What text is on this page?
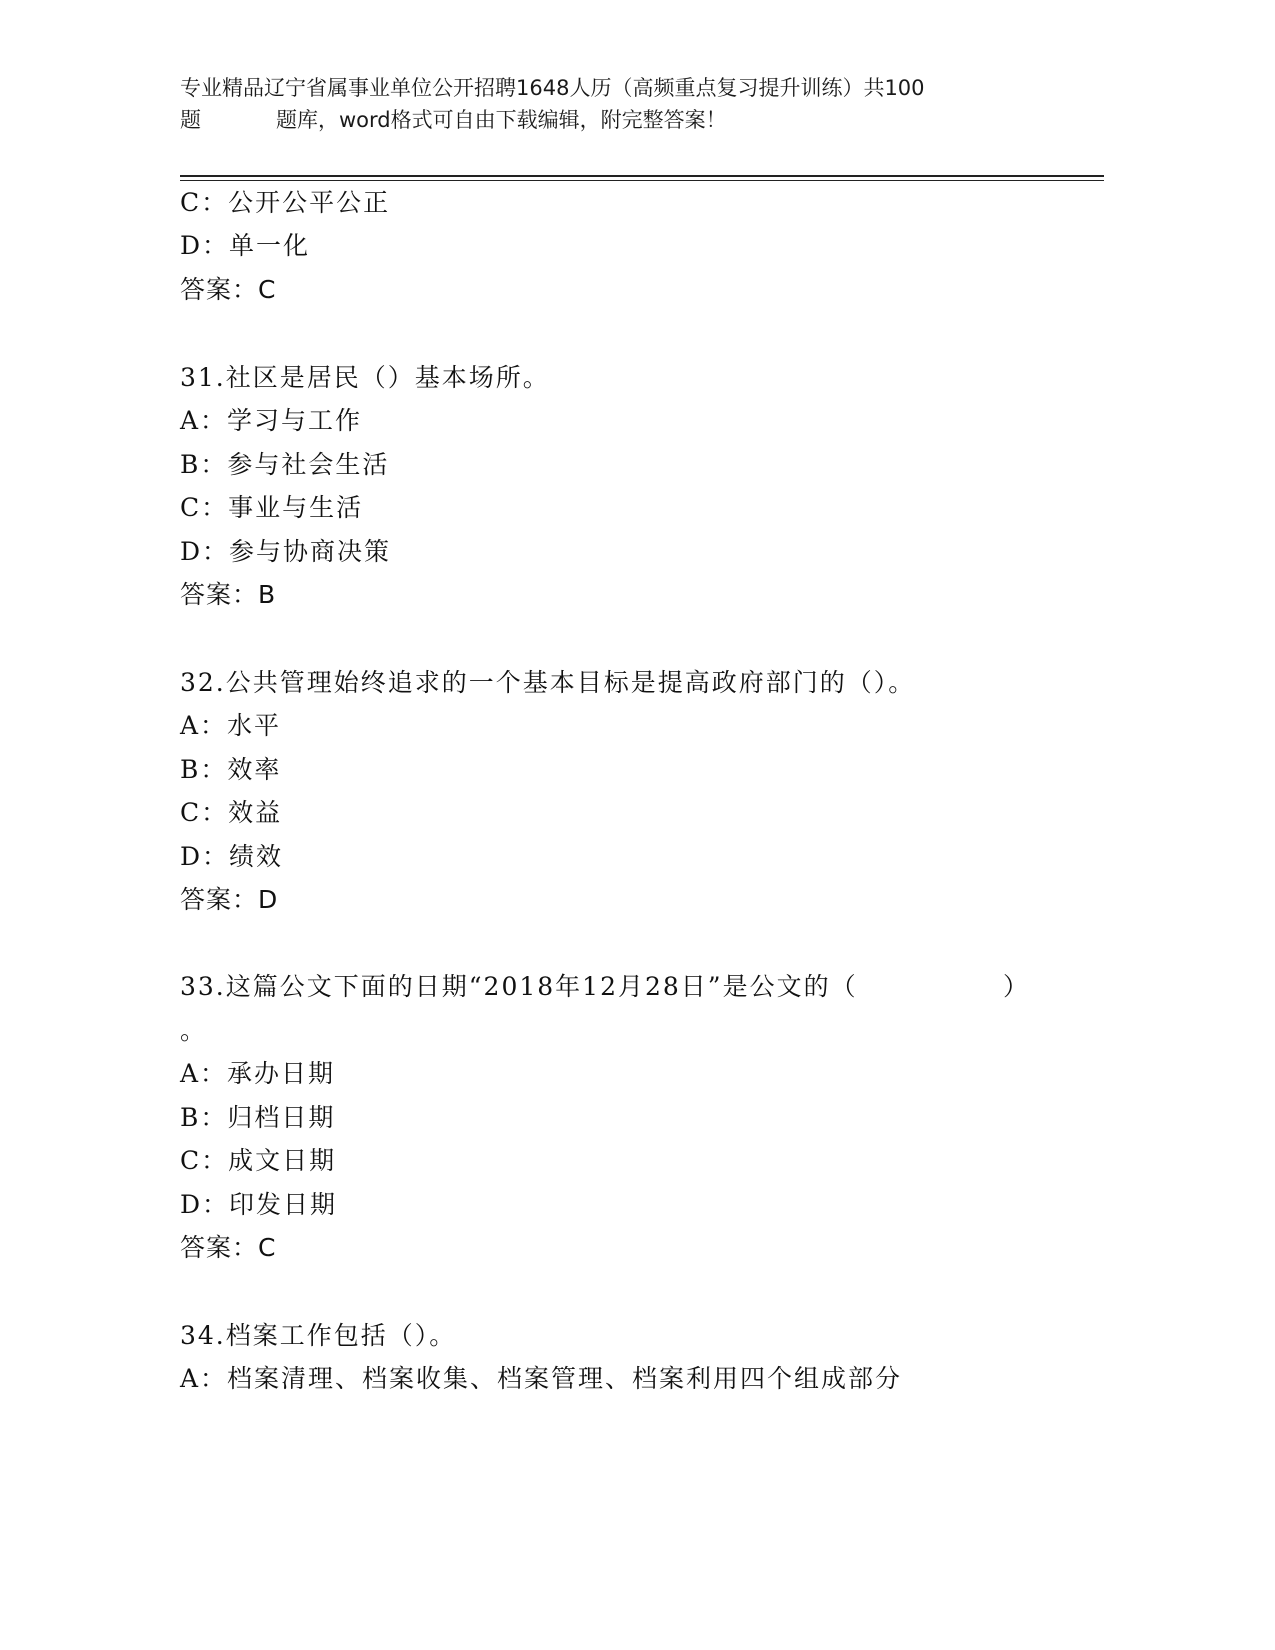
专业精品辽宁省属事业单位公开招聘1648人历（高频重点复习提升训练）共100
题	题库，word格式可自由下载编辑，附完整答案！
C：公开公平公正
D：单一化
答案：C
31.社区是居民（）基本场所。
A：学习与工作
B：参与社会生活
C：事业与生活
D：参与协商决策
答案：B
32.公共管理始终追求的一个基本目标是提高政府部门的（）。
A：水平
B：效率
C：效益
D：绩效
答案：D
33.这篇公文下面的日期“2018年12月28日”是公文的（	）
。
A：承办日期
B：归档日期
C：成文日期
D：印发日期
答案：C
34.档案工作包括（）。
A：档案清理、档案收集、档案管理、档案利用四个组成部分
